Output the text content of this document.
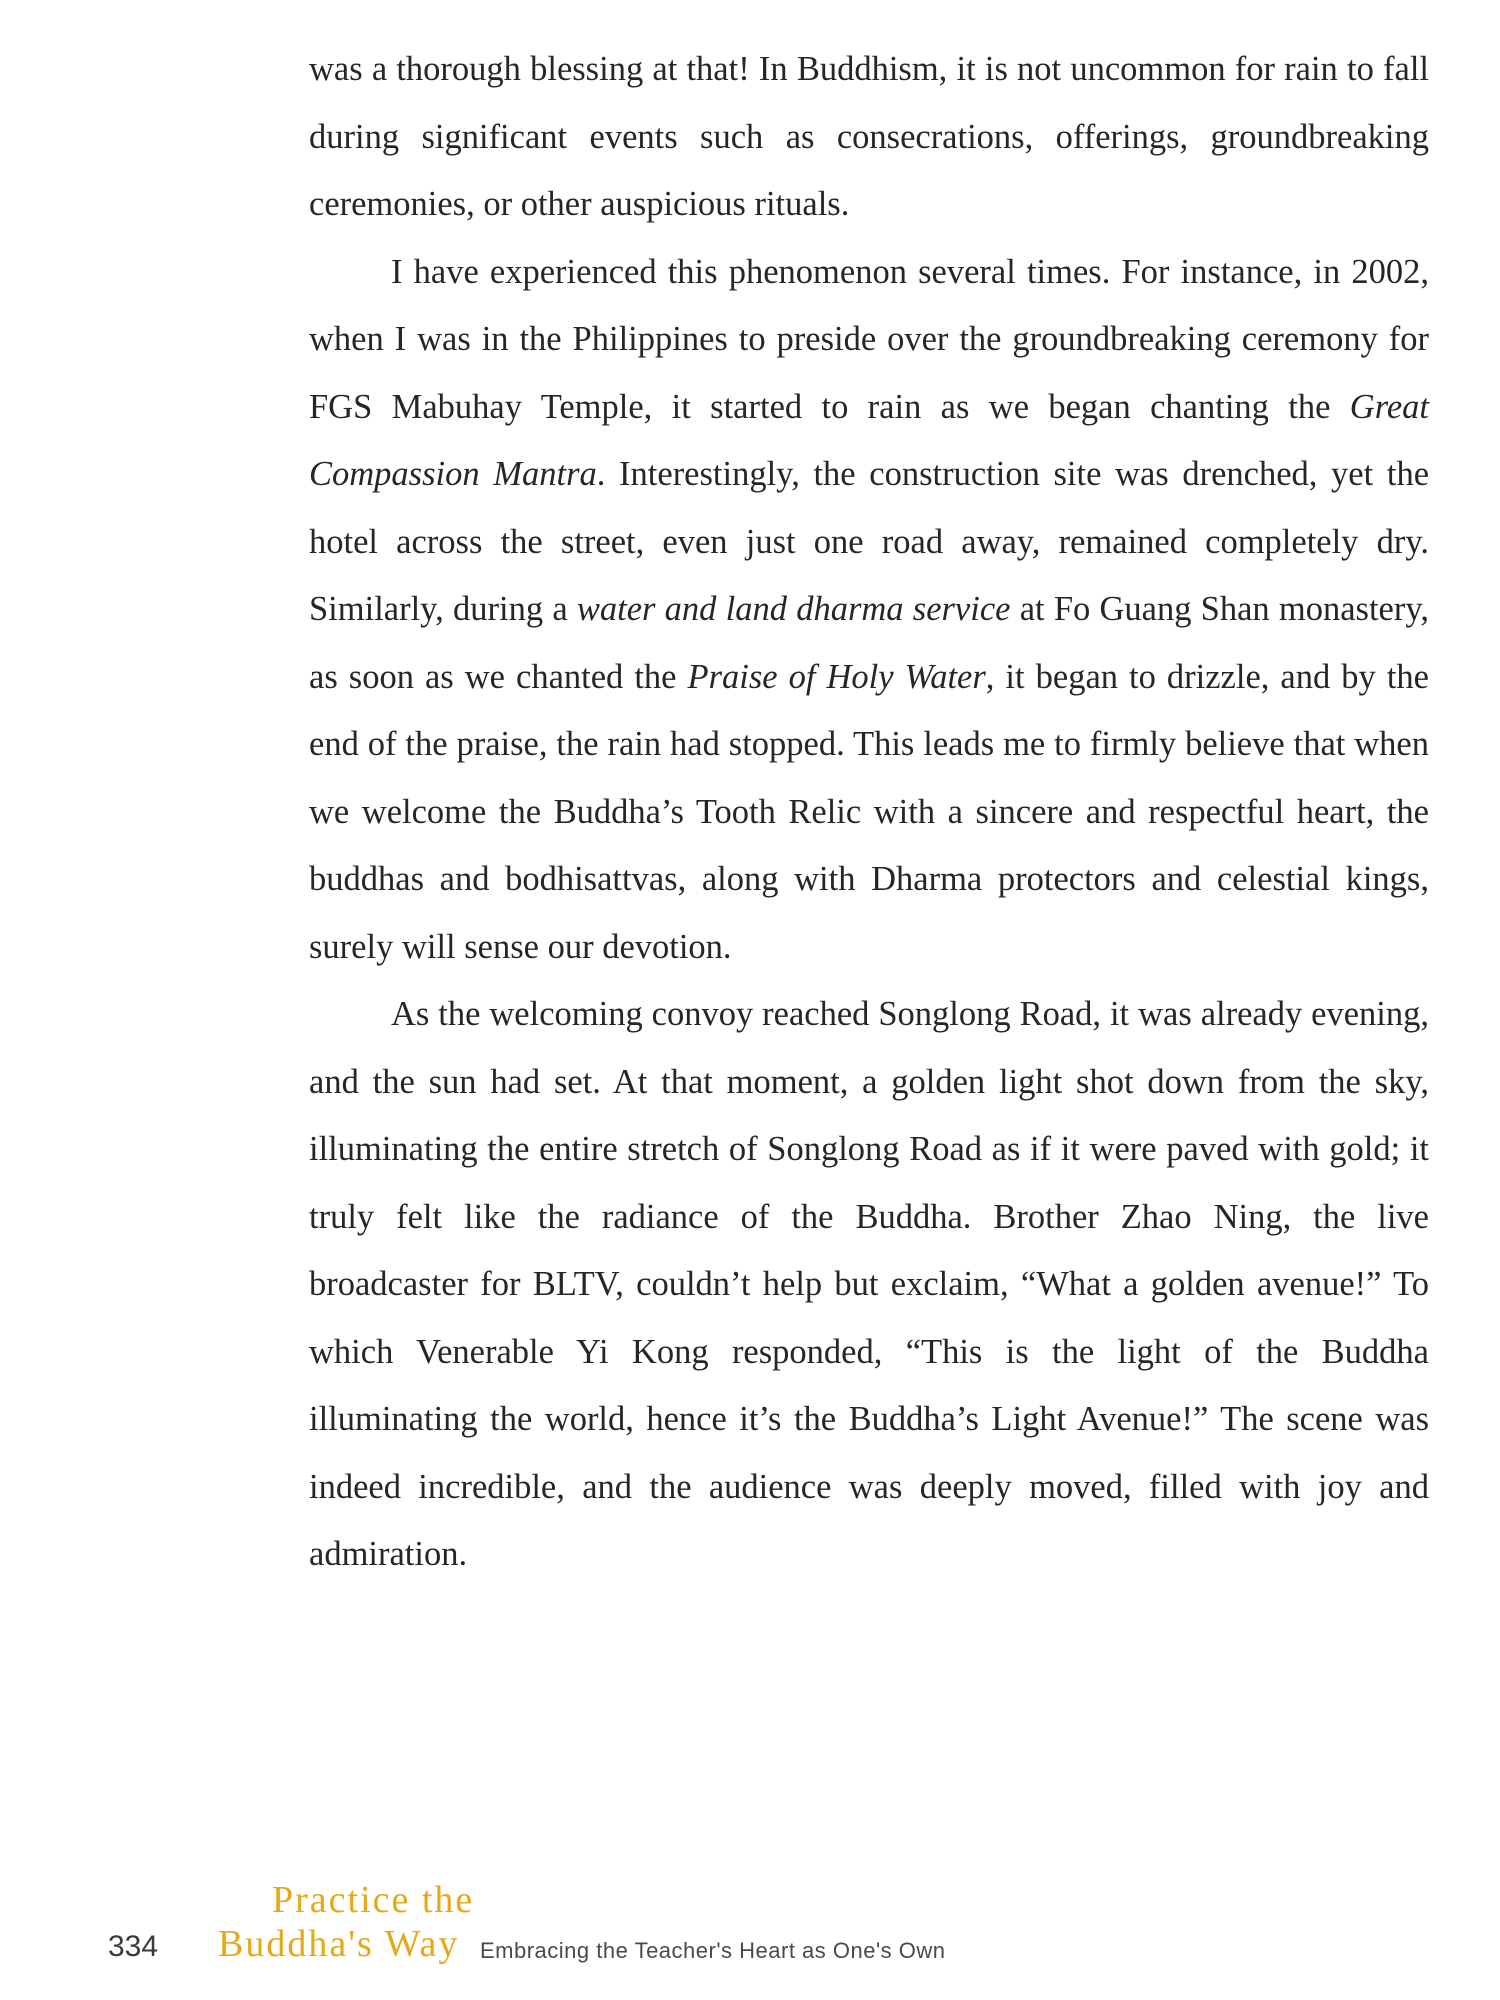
was a thorough blessing at that! In Buddhism, it is not uncommon for rain to fall during significant events such as consecrations, offerings, groundbreaking ceremonies, or other auspicious rituals.

I have experienced this phenomenon several times. For instance, in 2002, when I was in the Philippines to preside over the groundbreaking ceremony for FGS Mabuhay Temple, it started to rain as we began chanting the Great Compassion Mantra. Interestingly, the construction site was drenched, yet the hotel across the street, even just one road away, remained completely dry. Similarly, during a water and land dharma service at Fo Guang Shan monastery, as soon as we chanted the Praise of Holy Water, it began to drizzle, and by the end of the praise, the rain had stopped. This leads me to firmly believe that when we welcome the Buddha’s Tooth Relic with a sincere and respectful heart, the buddhas and bodhisattvas, along with Dharma protectors and celestial kings, surely will sense our devotion.

As the welcoming convoy reached Songlong Road, it was already evening, and the sun had set. At that moment, a golden light shot down from the sky, illuminating the entire stretch of Songlong Road as if it were paved with gold; it truly felt like the radiance of the Buddha. Brother Zhao Ning, the live broadcaster for BLTV, couldn’t help but exclaim, “What a golden avenue!” To which Venerable Yi Kong responded, “This is the light of the Buddha illuminating the world, hence it’s the Buddha’s Light Avenue!” The scene was indeed incredible, and the audience was deeply moved, filled with joy and admiration.

334
Practice the
Buddha's Way Embracing the Teacher's Heart as One's Own
